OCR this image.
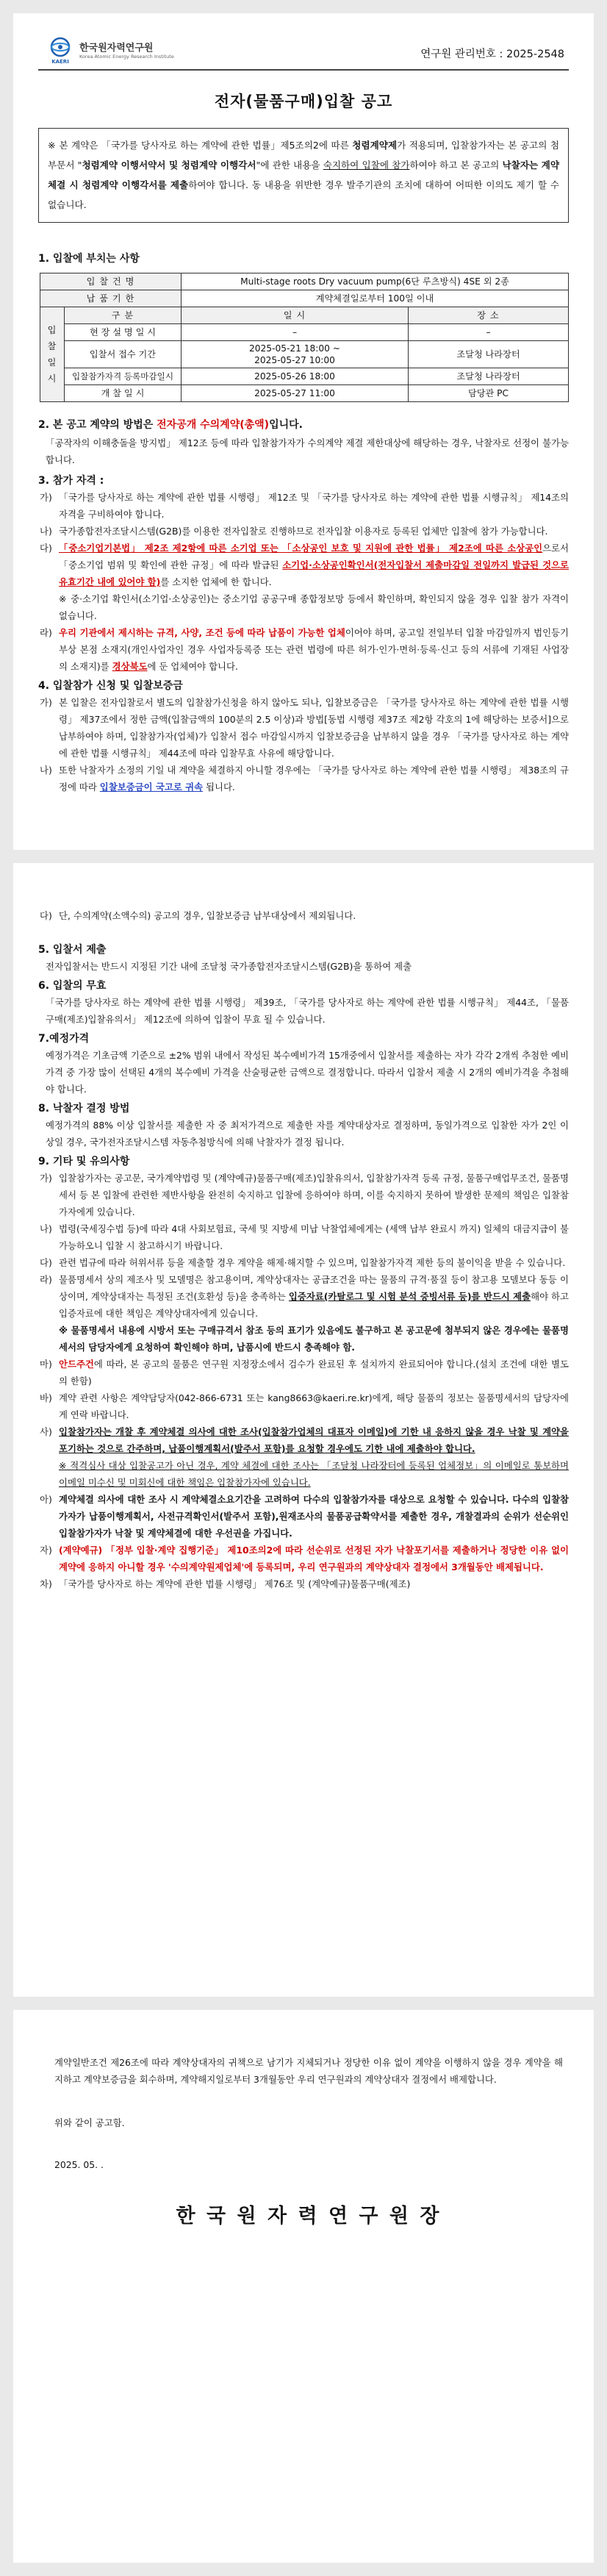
KAERI
한국원자력연구원
Korea Atomic Energy Research Institute	연구원 관리번호 : 2025-2548
전자(물품구매)입찰 공고
※ 본 계약은 「국가를 당사자로 하는 계약에 관한 법률」제5조의2에 따른 청렴계약제가 적용되며, 입찰참가자는 본 공고의 첨부문서 "청렴계약 이행서약서 및 청렴계약 이행각서"에 관한 내용을 숙지하여 입찰에 참가하여야 하고 본 공고의 낙찰자는 계약체결 시 청렴계약 이행각서를 제출하여야 합니다. 동 내용을 위반한 경우 발주기관의 조치에 대하여 어떠한 이의도 제기 할 수 없습니다.
1. 입찰에 부치는 사항
입 찰 건 명		Multi-stage roots Dry vacuum pump(6단 루츠방식) 4SE 외 2종	
납 품 기 한		계약체결일로부터 100일 이내	
입찰일시	구 분	일 시	장 소
	현 장 설 명 일 시	–	–
	입찰서 접수 기간	2025-05-21 18:00 ~
2025-05-27 10:00	조달청 나라장터
	입찰참가자격 등록마감일시	2025-05-26 18:00	조달청 나라장터
	개 찰 일 시	2025-05-27 11:00	담당관 PC
2. 본 공고 계약의 방법은 전자공개 수의계약(총액)입니다.

「공작자의 이해충돌을 방지법」 제12조 등에 따라 입찰참가자가 수의계약 제결 제한대상에 해당하는 경우, 낙찰자로 선정이 불가능 합니다.

3. 참가 자격 :
가) 「국가를 당사자로 하는 계약에 관한 법률 시행령」 제12조 및 「국가를 당사자로 하는 계약에 관한 법률 시행규칙」 제14조의 자격을 구비하여야 합니다.
나) 국가종합전자조달시스템(G2B)를 이용한 전자입찰로 진행하므로 전자입찰 이용자로 등록된 업체만 입찰에 참가 가능합니다.
다) 「중소기업기본법」 제2조 제2항에 따른 소기업 또는 「소상공인 보호 및 지원에 관한 법률」 제2조에 따른 소상공인으로서 「중소기업 범위 및 확인에 관한 규정」에 따라 발급된 소기업·소상공인확인서(전자입찰서 제출마감일 전일까지 발급된 것으로 유효기간 내에 있어야 함)를 소지한 업체에 한 합니다.
※ 중·소기업 확인서(소기업·소상공인)는 중소기업 공공구매 종합정보망 등에서 확인하며, 확인되지 않을 경우 입찰 참가 자격이 없습니다.
라) 우리 기관에서 제시하는 규격, 사양, 조건 등에 따라 납품이 가능한 업체이어야 하며, 공고일 전일부터 입찰 마감일까지 법인등기부상 본점 소재지(개인사업자인 경우 사업자등록증 또는 관련 법령에 따른 허가·인가·면허·등록·신고 등의 서류에 기재된 사업장의 소재지)를 경상북도에 둔 업체여야 합니다.
4. 입찰참가 신청 및 입찰보증금
가) 본 입찰은 전자입찰로서 별도의 입찰참가신청을 하지 않아도 되나, 입찰보증금은 「국가를 당사자로 하는 계약에 관한 법률 시행령」 제37조에서 정한 금액(입찰금액의 100분의 2.5 이상)과 방법[동법 시행령 제37조 제2항 각호의 1에 해당하는 보증서]으로 납부하여야 하며, 입찰참가자(업체)가 입찰서 접수 마감일시까지 입찰보증금을 납부하지 않을 경우 「국가를 당사자로 하는 계약에 관한 법률 시행규칙」 제44조에 따라 입찰무효 사유에 해당합니다.
나) 또한 낙찰자가 소정의 기일 내 계약을 체결하지 아니할 경우에는 「국가를 당사자로 하는 계약에 관한 법률 시행령」 제38조의 규정에 따라 입찰보증금이 국고로 귀속 됩니다.
다) 단, 수의계약(소액수의) 공고의 경우, 입찰보증금 납부대상에서 제외됩니다.
5. 입찰서 제출

전자입찰서는 반드시 지정된 기간 내에 조달청 국가종합전자조달시스템(G2B)을 통하여 제출

6. 입찰의 무효

「국가를 당사자로 하는 계약에 관한 법률 시행령」 제39조, 「국가를 당사자로 하는 계약에 관한 법률 시행규칙」 제44조, 「물품구매(제조)입찰유의서」 제12조에 의하여 입찰이 무효 될 수 있습니다.

7.예정가격

예정가격은 기초금액 기준으로 ±2% 범위 내에서 작성된 복수예비가격 15개중에서 입찰서를 제출하는 자가 각각 2개씩 추첨한 예비가격 중 가장 많이 선택된 4개의 복수예비 가격을 산술평균한 금액으로 결정합니다. 따라서 입찰서 제출 시 2개의 예비가격을 추첨해야 합니다.

8. 낙찰자 결정 방법

예정가격의 88% 이상 입찰서를 제출한 자 중 최저가격으로 제출한 자를 계약대상자로 결정하며, 동일가격으로 입찰한 자가 2인 이상일 경우, 국가전자조달시스템 자동추첨방식에 의해 낙찰자가 결정 됩니다.

9. 기타 및 유의사항
가) 입찰참가자는 공고문, 국가계약법령 및 (계약예규)물품구매(제조)입찰유의서, 입찰참가자격 등록 규정, 물품구매업무조건, 물품명세서 등 본 입찰에 관련한 제반사항을 완전히 숙지하고 입찰에 응하여야 하며, 이를 숙지하지 못하여 발생한 문제의 책임은 입찰참가자에게 있습니다.
나) 법령(국세징수법 등)에 따라 4대 사회보험료, 국세 및 지방세 미납 낙찰업체에게는 (세액 납부 완료시 까지) 일체의 대금지급이 불가능하오니 입찰 시 참고하시기 바랍니다.
다) 관련 법규에 따라 허위서류 등을 제출할 경우 계약을 해제·해지할 수 있으며, 입찰참가자격 제한 등의 불이익을 받을 수 있습니다.
라) 물품명세서 상의 제조사 및 모델명은 참고용이며, 계약상대자는 공급조건을 따는 물품의 규격·품질 등이 참고용 모델보다 동등 이상이며, 계약상대자는 특정된 조건(호환성 등)을 충족하는 입증자료(카탈로그 및 시험 분석 증빙서류 등)를 반드시 제출해야 하고 입증자료에 대한 책임은 계약상대자에게 있습니다.
※ 물품명세서 내용에 시방서 또는 구매규격서 참조 등의 표기가 있음에도 불구하고 본 공고문에 첨부되지 않은 경우에는 물품명세서의 담당자에게 요청하여 확인해야 하며, 납품시에 반드시 충족해야 함.
마) 안드주건에 따라, 본 공고의 물품은 연구원 지정장소에서 검수가 완료된 후 설치까지 완료되어야 합니다.(설치 조건에 대한 별도의 한함)
바) 계약 관련 사항은 계약담당자(042-866-6731 또는 kang8663@kaeri.re.kr)에게, 해당 물품의 정보는 물품명세서의 담당자에게 연락 바랍니다.
사) 입찰참가자는 개찰 후 계약체결 의사에 대한 조사(입찰참가업체의 대표자 이메일)에 기한 내 응하지 않을 경우 낙찰 및 계약을 포기하는 것으로 간주하며, 납품이행계획서(발주서 포함)를 요청할 경우에도 기한 내에 제출하야 합니다.
※ 적격심사 대상 입찰공고가 아닌 경우, 계약 체결에 대한 조사는 「조달청 나라장터에 등록된 업체정보」의 이메일로 통보하며 이메일 미수신 및 미회신에 대한 책임은 입찰참가자에 있습니다.
아) 계약체결 의사에 대한 조사 시 계약체결소요기간을 고려하여 다수의 입찰참가자를 대상으로 요청할 수 있습니다. 다수의 입찰참가자가 납품이행계획서, 사전규격확인서(발주서 포함),원재조사의 물품공급확약서를 제출한 경우, 개찰결과의 순위가 선순위인 입찰참가자가 낙찰 및 계약체결에 대한 우선권을 가집니다.
자) (계약예규) 「정부 입찰·계약 집행기준」 제10조의2에 따라 선순위로 선정된 자가 낙찰포기서를 제출하거나 정당한 이유 없이 계약에 응하지 아니할 경우 '수의계약원제업체'에 등록되며, 우리 연구원과의 계약상대자 결정에서 3개월동안 배제됩니다.
차) 「국가를 당사자로 하는 계약에 관한 법률 시행령」 제76조 및 (계약예규)물품구매(제조)

계약일반조건 제26조에 따라 계약상대자의 귀책으로 남기가 지체되거나 정당한 이유 없이 계약을 이행하지 않을 경우 계약을 해지하고 계약보증금을 회수하며, 계약해지일로부터 3개월동안 우리 연구원과의 계약상대자 결정에서 배제합니다.

위와 같이 공고함.

2025. 05. .

한 국 원 자 력 연 구 원 장
